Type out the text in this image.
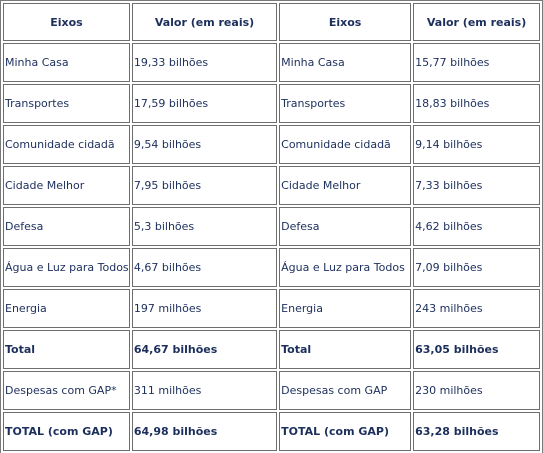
Eixos	Valor (em reais)	Eixos	Valor (em reais)
Minha Casa	19,33 bilhões	Minha Casa	15,77 bilhões
Transportes	17,59 bilhões	Transportes	18,83 bilhões
Comunidade cidadã	9,54 bilhões	Comunidade cidadã	9,14 bilhões
Cidade Melhor	7,95 bilhões	Cidade Melhor	7,33 bilhões
Defesa	5,3 bilhões	Defesa	4,62 bilhões
Água e Luz para Todos	4,67 bilhões	Água e Luz para Todos	7,09 bilhões
Energia	197 milhões	Energia	243 milhões
Total	64,67 bilhões	Total	63,05 bilhões
Despesas com GAP*	311 milhões	Despesas com GAP	230 milhões
TOTAL (com GAP)	64,98 bilhões	TOTAL (com GAP)	63,28 bilhões
